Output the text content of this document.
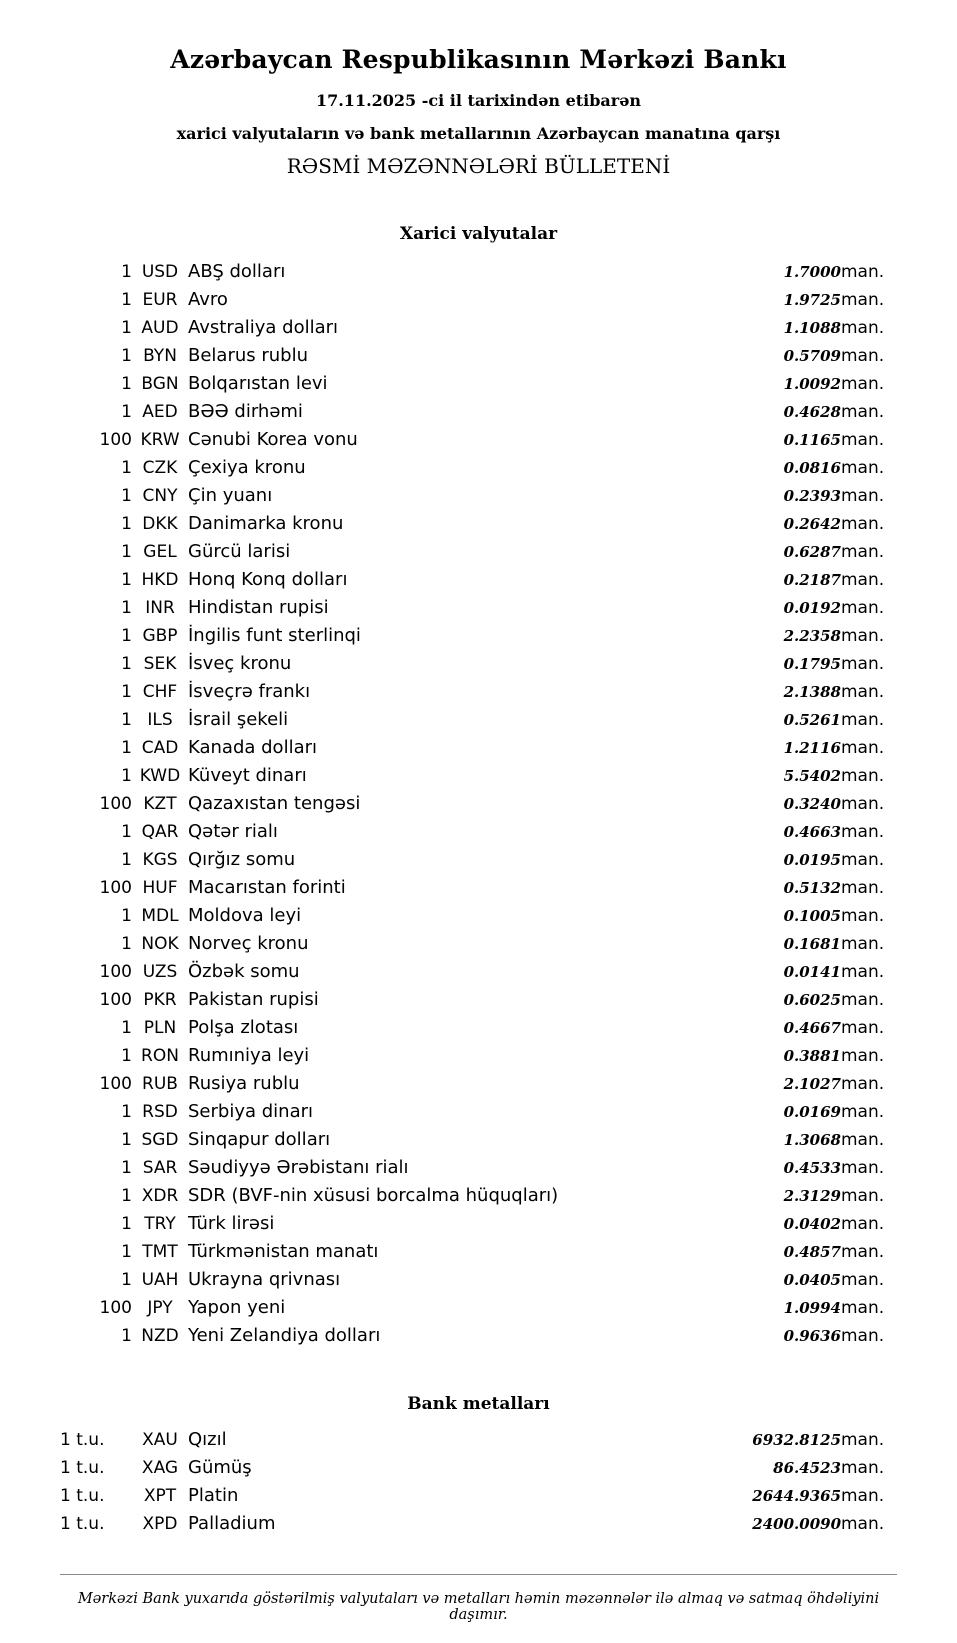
Azərbaycan Respublikasının Mərkəzi Bankı
17.11.2025 -ci il tarixindən etibarən
xarici valyutaların və bank metallarının Azərbaycan manatına qarşı
RƏSMİ MƏZƏNNƏLƏRİ BÜLLETENİ
Xarici valyutalar
1	USD	ABŞ dolları	1.7000	man.
1	EUR	Avro	1.9725	man.
1	AUD	Avstraliya dolları	1.1088	man.
1	BYN	Belarus rublu	0.5709	man.
1	BGN	Bolqarıstan levi	1.0092	man.
1	AED	BƏƏ dirhəmi	0.4628	man.
100	KRW	Cənubi Korea vonu	0.1165	man.
1	CZK	Çexiya kronu	0.0816	man.
1	CNY	Çin yuanı	0.2393	man.
1	DKK	Danimarka kronu	0.2642	man.
1	GEL	Gürcü larisi	0.6287	man.
1	HKD	Honq Konq dolları	0.2187	man.
1	INR	Hindistan rupisi	0.0192	man.
1	GBP	İngilis funt sterlinqi	2.2358	man.
1	SEK	İsveç kronu	0.1795	man.
1	CHF	İsveçrə frankı	2.1388	man.
1	ILS	İsrail şekeli	0.5261	man.
1	CAD	Kanada dolları	1.2116	man.
1	KWD	Küveyt dinarı	5.5402	man.
100	KZT	Qazaxıstan tengəsi	0.3240	man.
1	QAR	Qətər rialı	0.4663	man.
1	KGS	Qırğız somu	0.0195	man.
100	HUF	Macarıstan forinti	0.5132	man.
1	MDL	Moldova leyi	0.1005	man.
1	NOK	Norveç kronu	0.1681	man.
100	UZS	Özbək somu	0.0141	man.
100	PKR	Pakistan rupisi	0.6025	man.
1	PLN	Polşa zlotası	0.4667	man.
1	RON	Rumıniya leyi	0.3881	man.
100	RUB	Rusiya rublu	2.1027	man.
1	RSD	Serbiya dinarı	0.0169	man.
1	SGD	Sinqapur dolları	1.3068	man.
1	SAR	Səudiyyə Ərəbistanı rialı	0.4533	man.
1	XDR	SDR (BVF-nin xüsusi borcalma hüquqları)	2.3129	man.
1	TRY	Türk lirəsi	0.0402	man.
1	TMT	Türkmənistan manatı	0.4857	man.
1	UAH	Ukrayna qrivnası	0.0405	man.
100	JPY	Yapon yeni	1.0994	man.
1	NZD	Yeni Zelandiya dolları	0.9636	man.
Bank metalları
1 t.u.	XAU	Qızıl	6932.8125	man.
1 t.u.	XAG	Gümüş	86.4523	man.
1 t.u.	XPT	Platin	2644.9365	man.
1 t.u.	XPD	Palladium	2400.0090	man.
Mərkəzi Bank yuxarıda göstərilmiş valyutaları və metalları həmin məzənnələr ilə almaq və satmaq öhdəliyini daşımır.
